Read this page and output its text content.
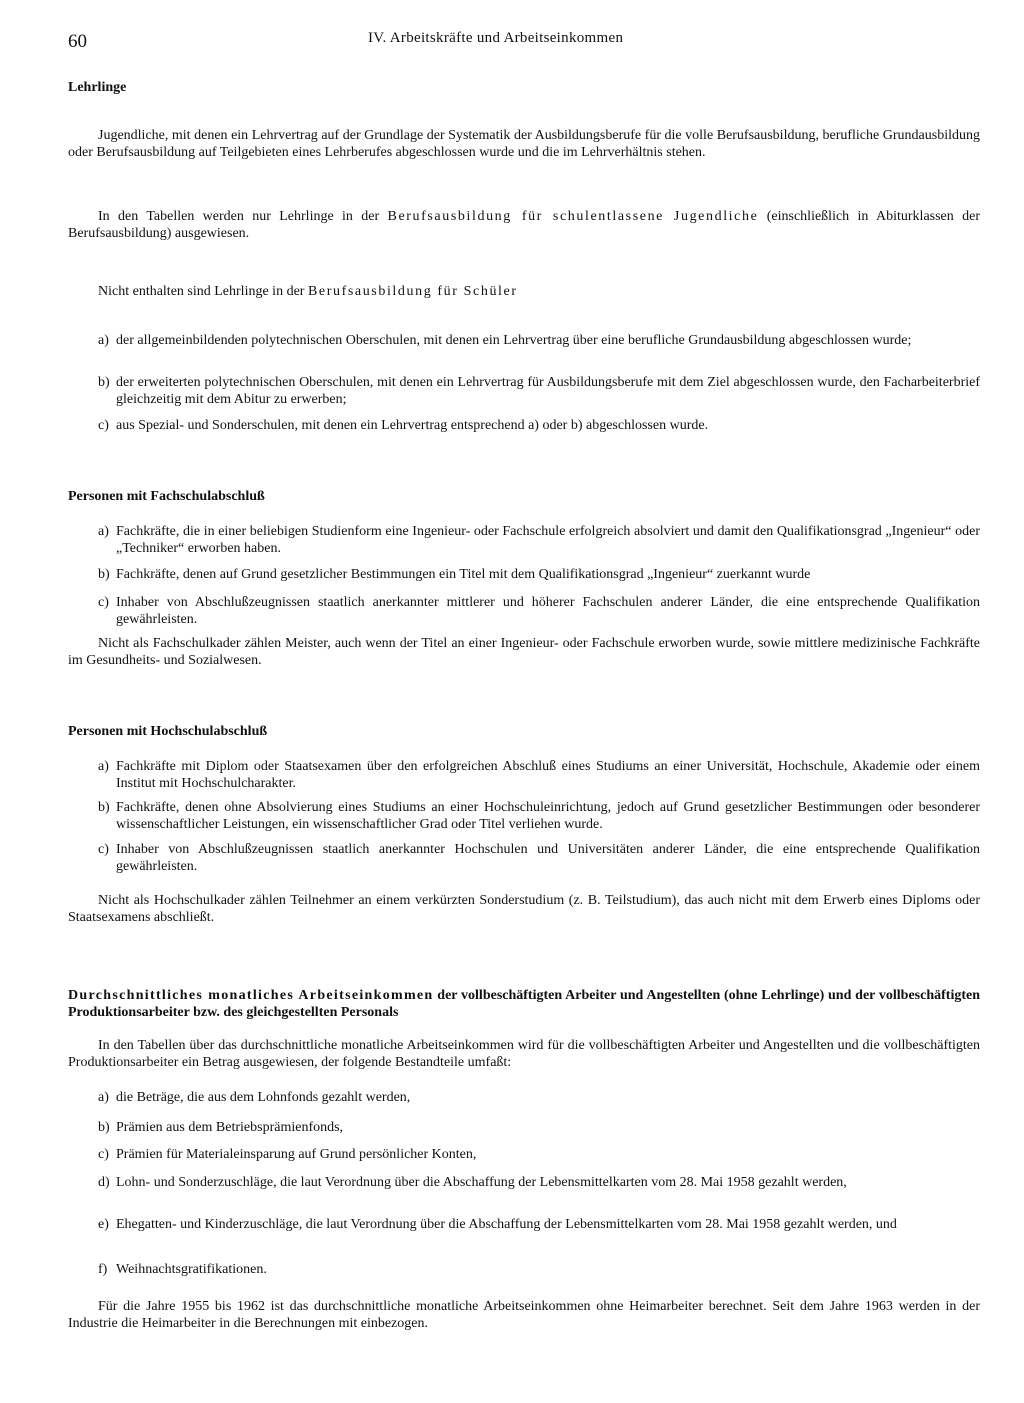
60	IV. Arbeitskräfte und Arbeitseinkommen
Lehrlinge
Jugendliche, mit denen ein Lehrvertrag auf der Grundlage der Systematik der Ausbildungsberufe für die volle Berufsausbildung, berufliche Grundausbildung oder Berufsausbildung auf Teilgebieten eines Lehrberufes abgeschlossen wurde und die im Lehrverhältnis stehen.
In den Tabellen werden nur Lehrlinge in der Berufsausbildung für schulentlassene Jugendliche (einschließlich in Abiturklassen der Berufsausbildung) ausgewiesen.
Nicht enthalten sind Lehrlinge in der Berufsausbildung für Schüler
a) der allgemeinbildenden polytechnischen Oberschulen, mit denen ein Lehrvertrag über eine berufliche Grundausbildung abgeschlossen wurde;
b) der erweiterten polytechnischen Oberschulen, mit denen ein Lehrvertrag für Ausbildungsberufe mit dem Ziel abgeschlossen wurde, den Facharbeiterbrief gleichzeitig mit dem Abitur zu erwerben;
c) aus Spezial- und Sonderschulen, mit denen ein Lehrvertrag entsprechend a) oder b) abgeschlossen wurde.
Personen mit Fachschulabschluß
a) Fachkräfte, die in einer beliebigen Studienform eine Ingenieur- oder Fachschule erfolgreich absolviert und damit den Qualifikationsgrad „Ingenieur“ oder „Techniker“ erworben haben.
b) Fachkräfte, denen auf Grund gesetzlicher Bestimmungen ein Titel mit dem Qualifikationsgrad „Ingenieur“ zuerkannt wurde
c) Inhaber von Abschlußzeugnissen staatlich anerkannter mittlerer und höherer Fachschulen anderer Länder, die eine entsprechende Qualifikation gewährleisten.
Nicht als Fachschulkader zählen Meister, auch wenn der Titel an einer Ingenieur- oder Fachschule erworben wurde, sowie mittlere medizinische Fachkräfte im Gesundheits- und Sozialwesen.
Personen mit Hochschulabschluß
a) Fachkräfte mit Diplom oder Staatsexamen über den erfolgreichen Abschluß eines Studiums an einer Universität, Hochschule, Akademie oder einem Institut mit Hochschulcharakter.
b) Fachkräfte, denen ohne Absolvierung eines Studiums an einer Hochschuleinrichtung, jedoch auf Grund gesetzlicher Bestimmungen oder besonderer wissenschaftlicher Leistungen, ein wissenschaftlicher Grad oder Titel verliehen wurde.
c) Inhaber von Abschlußzeugnissen staatlich anerkannter Hochschulen und Universitäten anderer Länder, die eine entsprechende Qualifikation gewährleisten.
Nicht als Hochschulkader zählen Teilnehmer an einem verkürzten Sonderstudium (z. B. Teilstudium), das auch nicht mit dem Erwerb eines Diploms oder Staatsexamens abschließt.
Durchschnittliches monatliches Arbeitseinkommen der vollbeschäftigten Arbeiter und Angestellten (ohne Lehrlinge) und der vollbeschäftigten Produktionsarbeiter bzw. des gleichgestellten Personals
In den Tabellen über das durchschnittliche monatliche Arbeitseinkommen wird für die vollbeschäftigten Arbeiter und Angestellten und die vollbeschäftigten Produktionsarbeiter ein Betrag ausgewiesen, der folgende Bestandteile umfaßt:
a) die Beträge, die aus dem Lohnfonds gezahlt werden,
b) Prämien aus dem Betriebsprämienfonds,
c) Prämien für Materialeinsparung auf Grund persönlicher Konten,
d) Lohn- und Sonderzuschläge, die laut Verordnung über die Abschaffung der Lebensmittelkarten vom 28. Mai 1958 gezahlt werden,
e) Ehegatten- und Kinderzuschläge, die laut Verordnung über die Abschaffung der Lebensmittelkarten vom 28. Mai 1958 gezahlt werden, und
f) Weihnachtsgratifikationen.
Für die Jahre 1955 bis 1962 ist das durchschnittliche monatliche Arbeitseinkommen ohne Heimarbeiter berechnet. Seit dem Jahre 1963 werden in der Industrie die Heimarbeiter in die Berechnungen mit einbezogen.
